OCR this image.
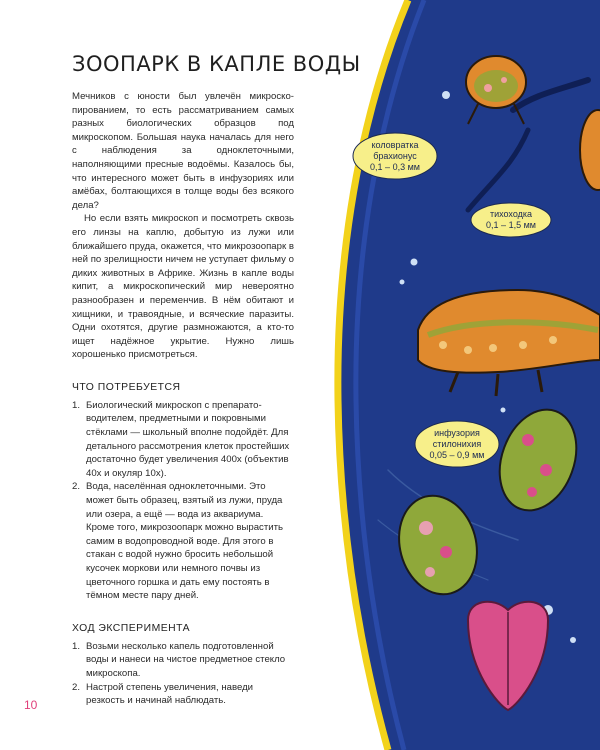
ЗООПАРК В КАПЛЕ ВОДЫ

Мечников с юности был увлечён микроскопированием, то есть рассматриванием самых разных биологических образцов под микроскопом. Большая наука началась для него с наблюдения за одноклеточными, наполняющими пресные водоёмы. Казалось бы, что интересного может быть в инфузориях или амёбах, болтающихся в толще воды без всякого дела?

Но если взять микроскоп и посмотреть сквозь его линзы на каплю, добытую из лужи или ближайшего пруда, окажется, что микрозоопарк в ней по зрелищности ничем не уступает фильму о диких животных в Африке. Жизнь в капле воды кипит, а микроскопический мир невероятно разнообразен и переменчив. В нём обитают и хищники, и травоядные, и всяческие паразиты. Одни охотятся, другие размножаются, а кто-то ищет надёжное укрытие. Нужно лишь хорошенько присмотреться.

ЧТО ПОТРЕБУЕТСЯ
1. Биологический микроскоп с препаратоводителем, предметными и покровными стёклами — школьный вполне подойдёт. Для детального рассмотрения клеток простейших достаточно будет увеличения 400х (объектив 40х и окуляр 10х).
2. Вода, населённая одноклеточными. Это может быть образец, взятый из лужи, пруда или озера, а ещё — вода из аквариума. Кроме того, микрозоопарк можно вырастить самим в водопроводной воде. Для этого в стакан с водой нужно бросить небольшой кусочек моркови или немного почвы из цветочного горшка и дать ему постоять в тёмном месте пару дней.
ХОД ЭКСПЕРИМЕНТА
1. Возьми несколько капель подготовленной воды и нанеси на чистое предметное стекло микроскопа.
2. Настрой степень увеличения, наведи резкость и начинай наблюдать.
10
коловратка
брахионус
0,1 – 0,3 мм
тихоходка
0,1 – 1,5 мм
инфузория
стилонихия
0,05 – 0,9 мм
